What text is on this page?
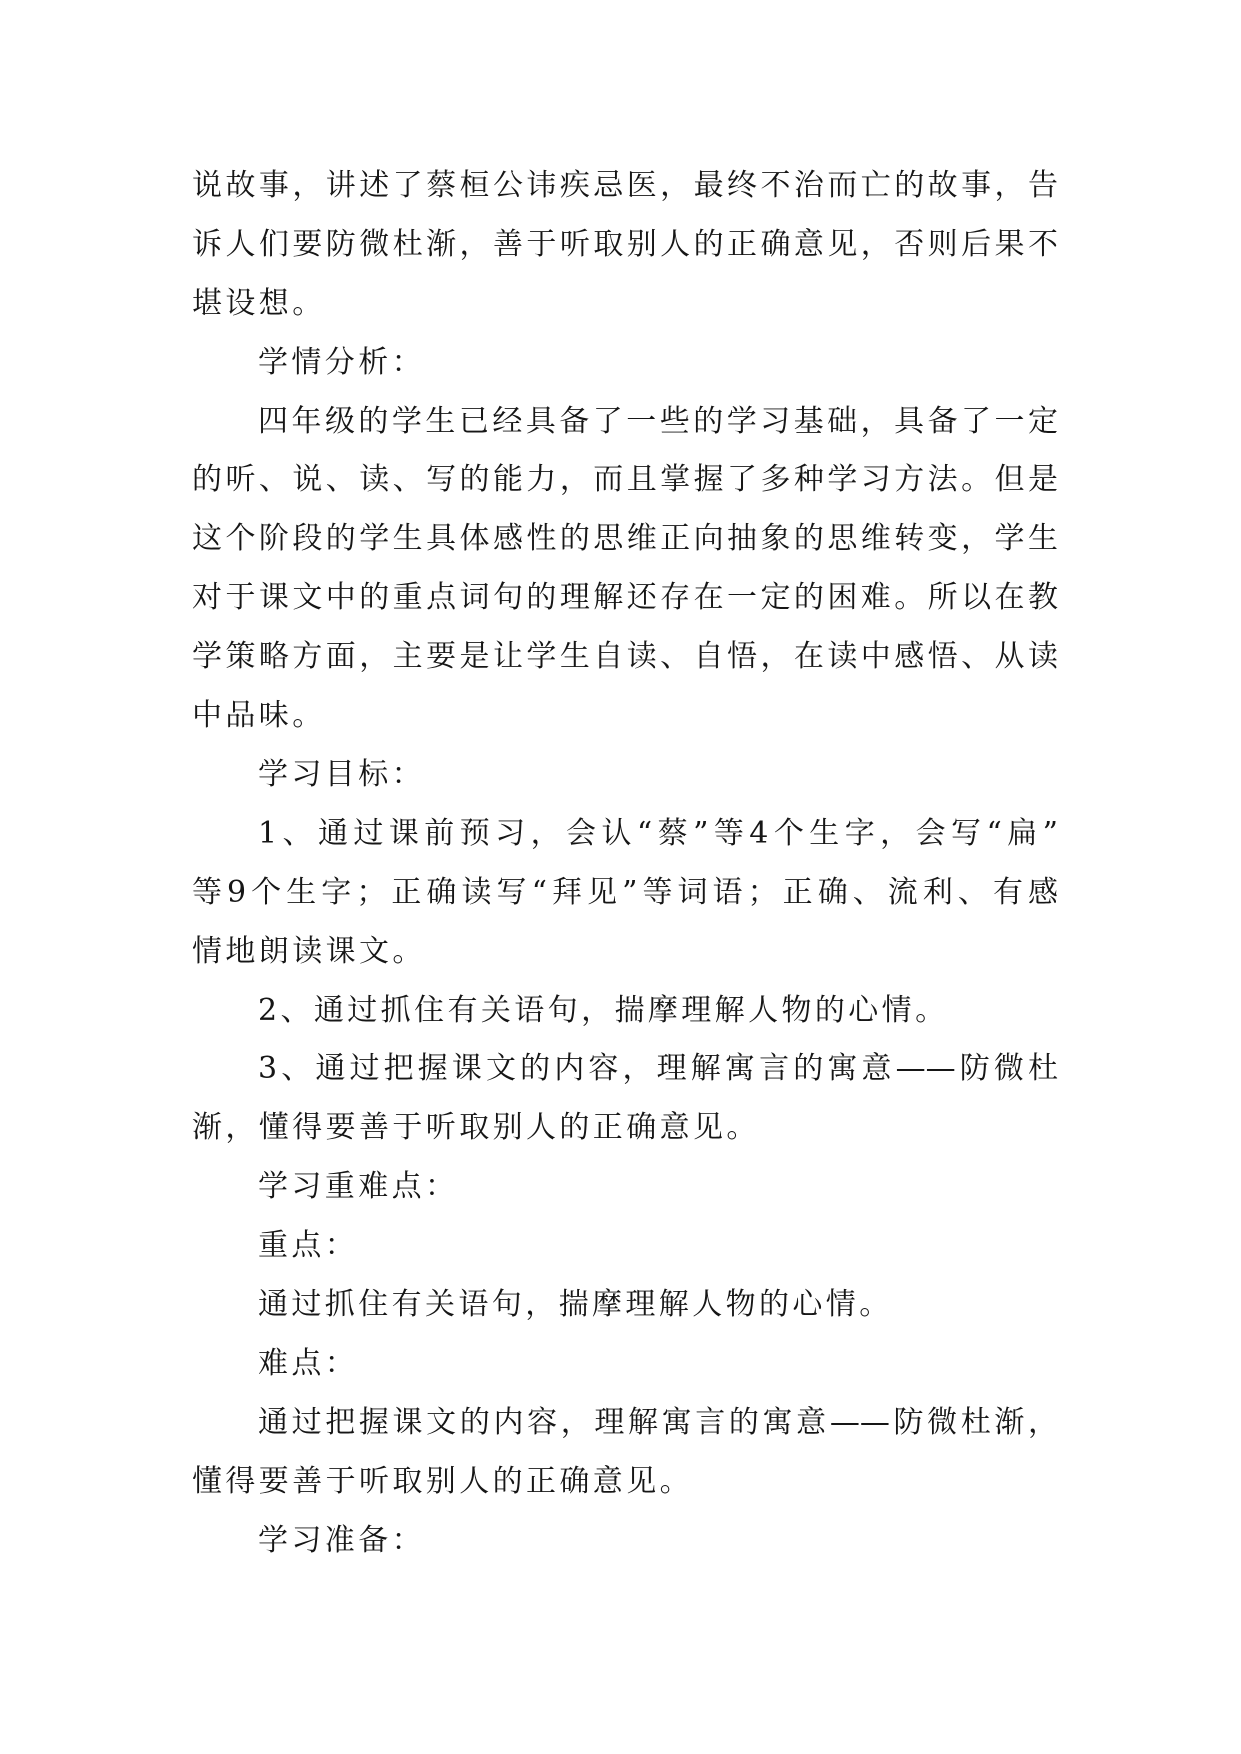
说故事，讲述了蔡桓公讳疾忌医，最终不治而亡的故事，告
诉人们要防微杜渐，善于听取别人的正确意见，否则后果不
堪设想。
学情分析：
四年级的学生已经具备了一些的学习基础，具备了一定
的听、说、读、写的能力，而且掌握了多种学习方法。但是
这个阶段的学生具体感性的思维正向抽象的思维转变，学生
对于课文中的重点词句的理解还存在一定的困难。所以在教
学策略方面，主要是让学生自读、自悟，在读中感悟、从读
中品味。
学习目标：
1、通过课前预习，会认“蔡”等4个生字，会写“扁”
等9个生字；正确读写“拜见”等词语；正确、流利、有感
情地朗读课文。
2、通过抓住有关语句，揣摩理解人物的心情。
3、通过把握课文的内容，理解寓言的寓意——防微杜
渐，懂得要善于听取别人的正确意见。
学习重难点：
重点：
通过抓住有关语句，揣摩理解人物的心情。
难点：
通过把握课文的内容，理解寓言的寓意——防微杜渐，
懂得要善于听取别人的正确意见。
学习准备：
